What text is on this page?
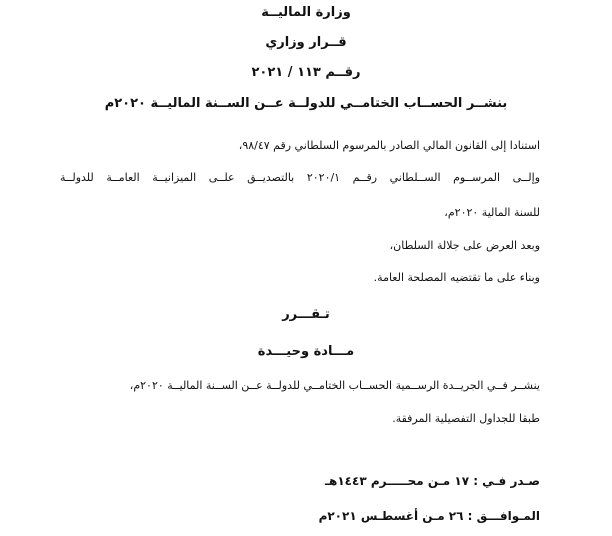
وزارة الماليــة
قــرار وزاري
رقــم ١١٣ / ٢٠٢١
بنشــر الحســاب الختامــي للدولــة عــن الســنة الماليــة ٢٠٢٠م
استنادا إلى القانون المالي الصادر بالمرسوم السلطاني رقم ٩٨/٤٧،
وإلــى المرســوم الســلطاني رقــم ٢٠٢٠/١ بالتصديــق علــى الميزانيــة العامــة للدولــة
للسنة المالية ٢٠٢٠م،
وبعد العرض على جلالة السلطان،
وبناء على ما تقتضيه المصلحة العامة.
تـقـــرر
مـــادة وحيـــدة
ينشــر فــي الجريــدة الرســمية الحســاب الختامــي للدولــة عــن الســنة الماليــة ٢٠٢٠م،
طبقا للجداول التفصيلية المرفقة.
صـدر فـي : ١٧ مـن محـــــرم ١٤٤٣هـ
المـوافـــق : ٢٦ مـن أغسطـس ٢٠٢١م
